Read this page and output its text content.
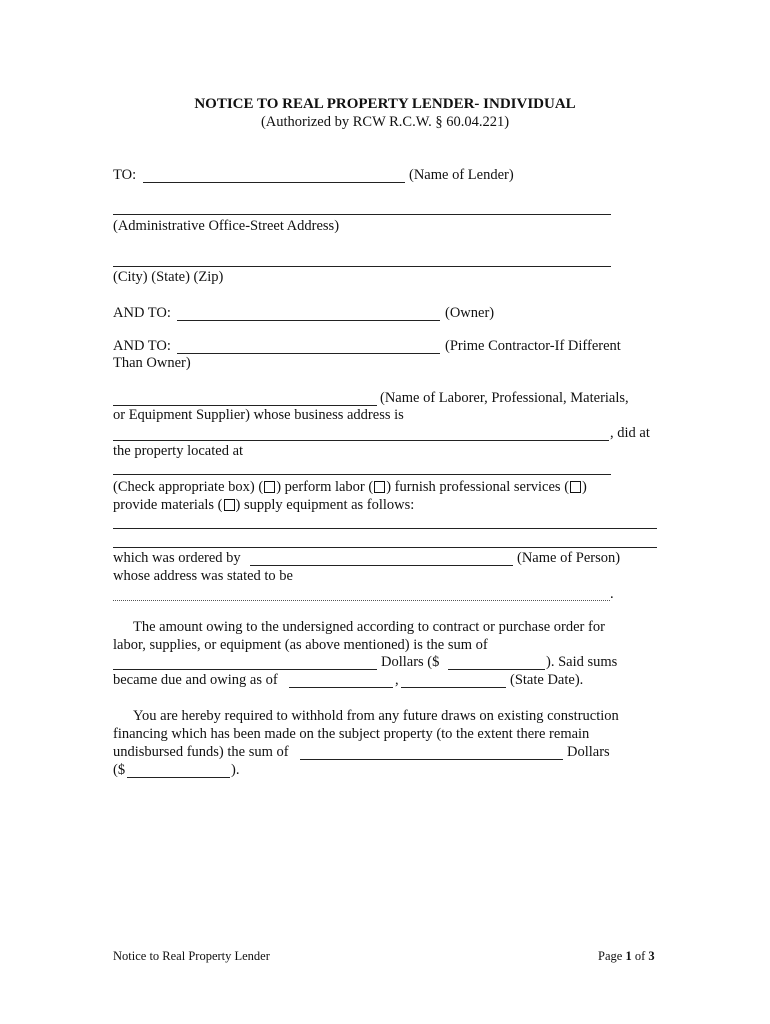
NOTICE TO REAL PROPERTY LENDER- INDIVIDUAL
(Authorized by RCW R.C.W. § 60.04.221)
TO:	(Name of Lender)
(Administrative Office-Street Address)
(City) (State) (Zip)
AND TO:	(Owner)
AND TO:	(Prime Contractor-If Different
Than Owner)
(Name of Laborer, Professional, Materials,
or Equipment Supplier) whose business address is
, did at
the property located at
(Check appropriate box) ( ) perform labor ( ) furnish professional services ( )
provide materials ( ) supply equipment as follows:
which was ordered by	(Name of Person)
whose address was stated to be
.
The amount owing to the undersigned according to contract or purchase order for
labor, supplies, or equipment (as above mentioned) is the sum of
Dollars ($	). Said sums
became due and owing as of	,	(State Date).
You are hereby required to withhold from any future draws on existing construction
financing which has been made on the subject property (to the extent there remain
undisbursed funds) the sum of	Dollars
($	).
Notice to Real Property Lender	Page 1 of 3
